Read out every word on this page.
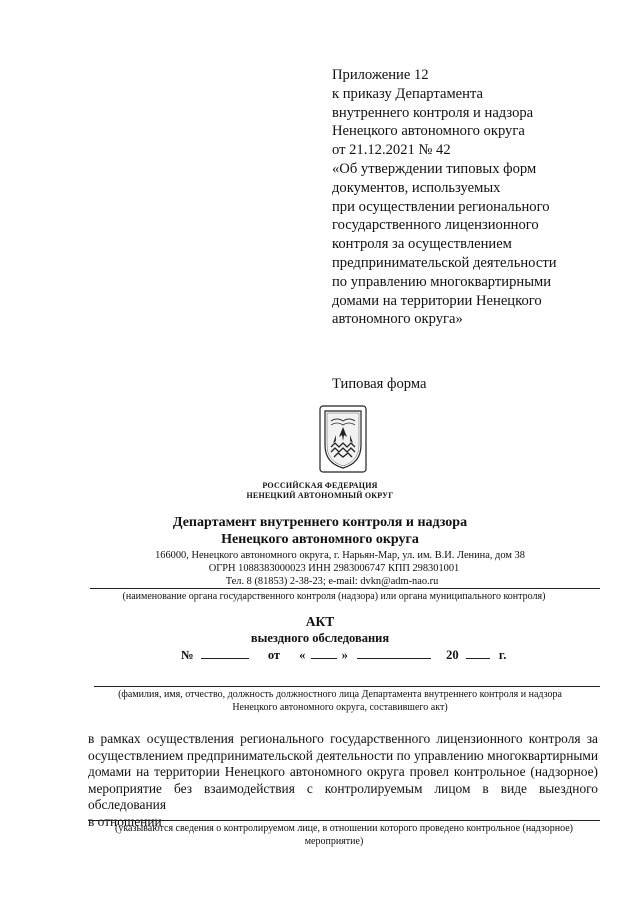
Приложение 12
к приказу Департамента
внутреннего контроля и надзора
Ненецкого автономного округа
от 21.12.2021 № 42
«Об утверждении типовых форм
документов, используемых
при осуществлении регионального
государственного лицензионного
контроля за осуществлением
предпринимательской деятельности
по управлению многоквартирными
домами на территории Ненецкого
автономного округа»
Типовая форма
РОССИЙСКАЯ ФЕДЕРАЦИЯ
НЕНЕЦКИЙ АВТОНОМНЫЙ ОКРУГ
Департамент внутреннего контроля и надзора
Ненецкого автономного округа
166000, Ненецкого автономного округа, г. Нарьян-Мар, ул. им. В.И. Ленина, дом 38
ОГРН 1088383000023 ИНН 2983006747 КПП 298301001
Тел. 8 (81853) 2-38-23; e-mail: dvkn@adm-nao.ru
(наименование органа государственного контроля (надзора) или органа муниципального контроля)
АКТ
выездного обследования
№	от «	»	20	г.
(фамилия, имя, отчество, должность должностного лица Департамента внутреннего контроля и надзора
Ненецкого автономного округа, составившего акт)
в рамках осуществления регионального государственного лицензионного контроля за
осуществлением предпринимательской деятельности по управлению многоквартирными
домами на территории Ненецкого автономного округа провел контрольное (надзорное)
мероприятие без взаимодействия с контролируемым лицом в виде выездного обследования
в отношении
(указываются сведения о контролируемом лице, в отношении которого проведено контрольное (надзорное)
мероприятие)
